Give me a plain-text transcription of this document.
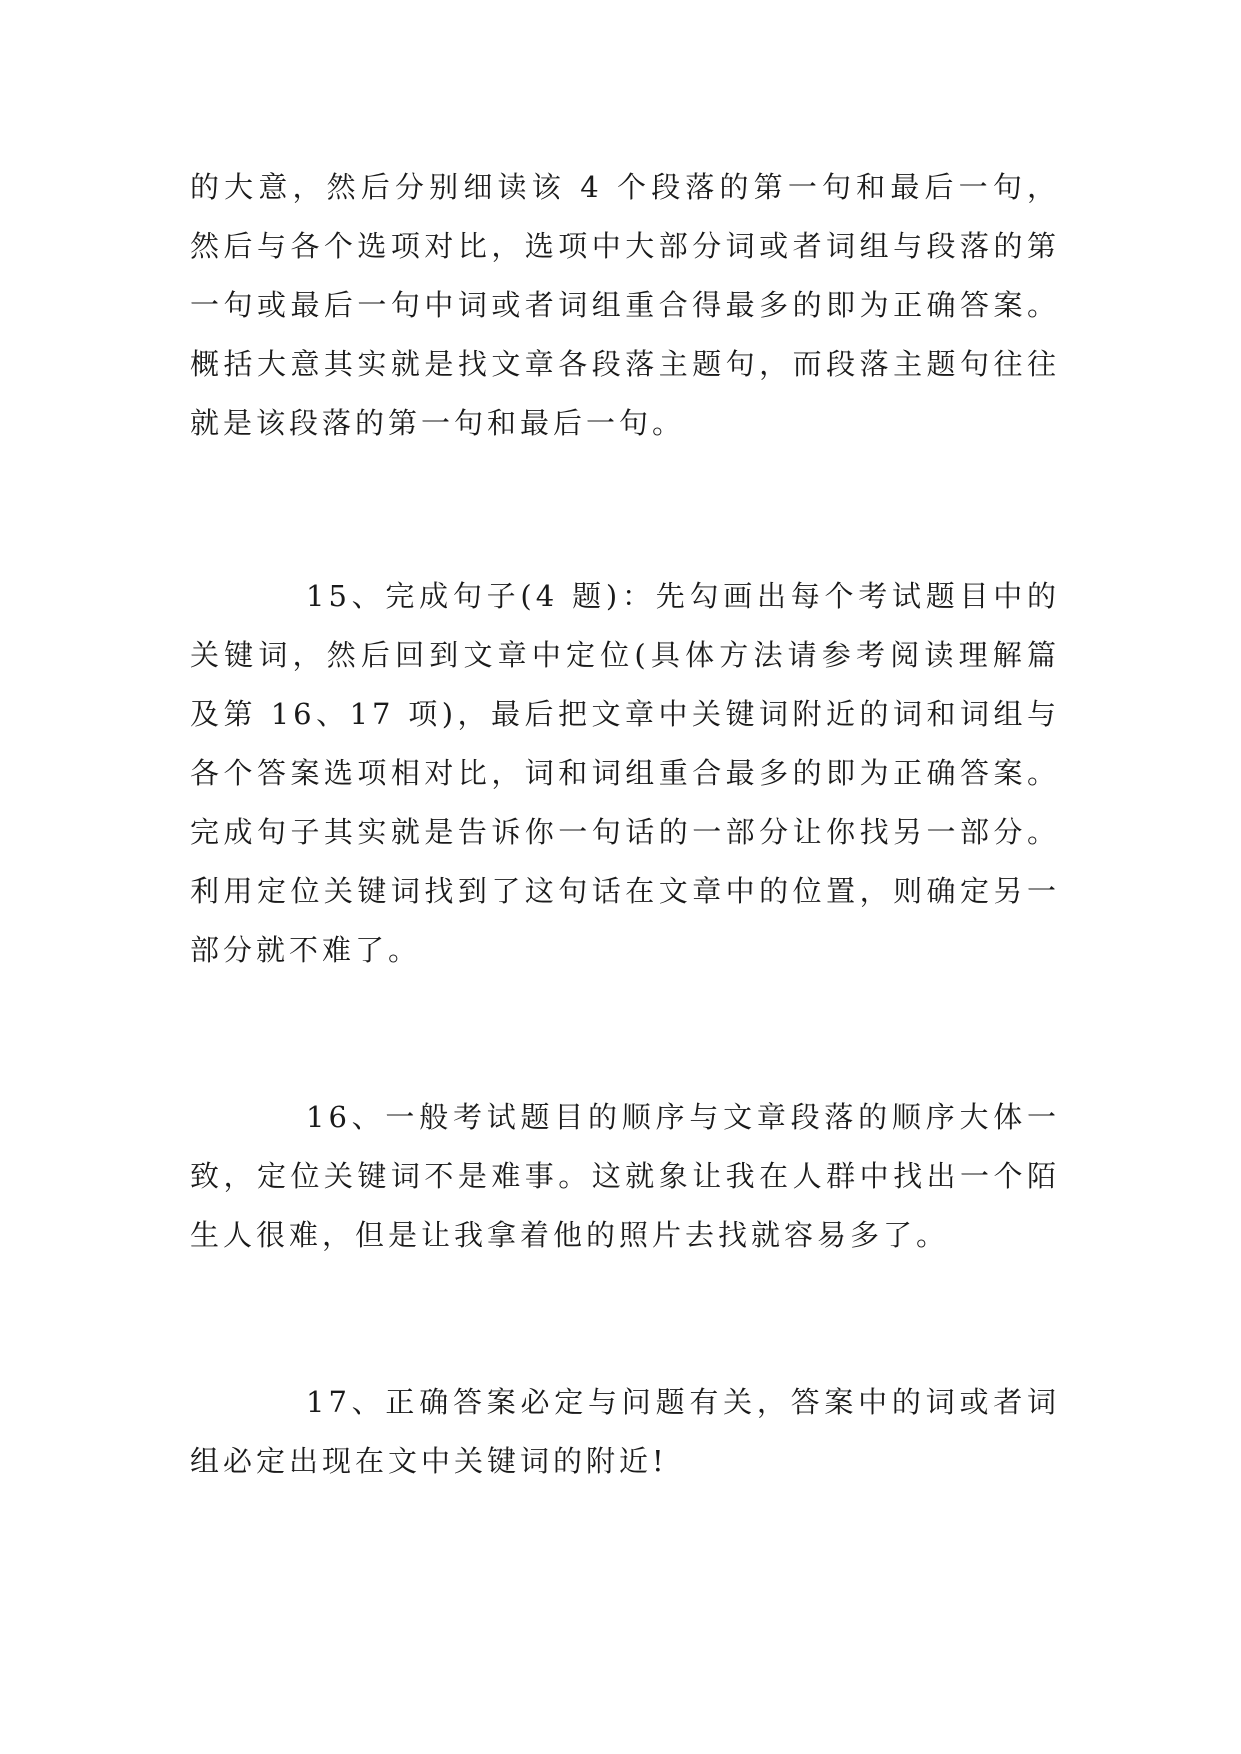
的大意，然后分别细读该 4 个段落的第一句和最后一句，然后与各个选项对比，选项中大部分词或者词组与段落的第一句或最后一句中词或者词组重合得最多的即为正确答案。概括大意其实就是找文章各段落主题句，而段落主题句往往就是该段落的第一句和最后一句。

15、完成句子(4 题)：先勾画出每个考试题目中的关键词，然后回到文章中定位(具体方法请参考阅读理解篇及第 16、17 项)，最后把文章中关键词附近的词和词组与各个答案选项相对比，词和词组重合最多的即为正确答案。完成句子其实就是告诉你一句话的一部分让你找另一部分。利用定位关键词找到了这句话在文章中的位置，则确定另一部分就不难了。

16、一般考试题目的顺序与文章段落的顺序大体一致，定位关键词不是难事。这就象让我在人群中找出一个陌生人很难，但是让我拿着他的照片去找就容易多了。

17、正确答案必定与问题有关，答案中的词或者词组必定出现在文中关键词的附近!
